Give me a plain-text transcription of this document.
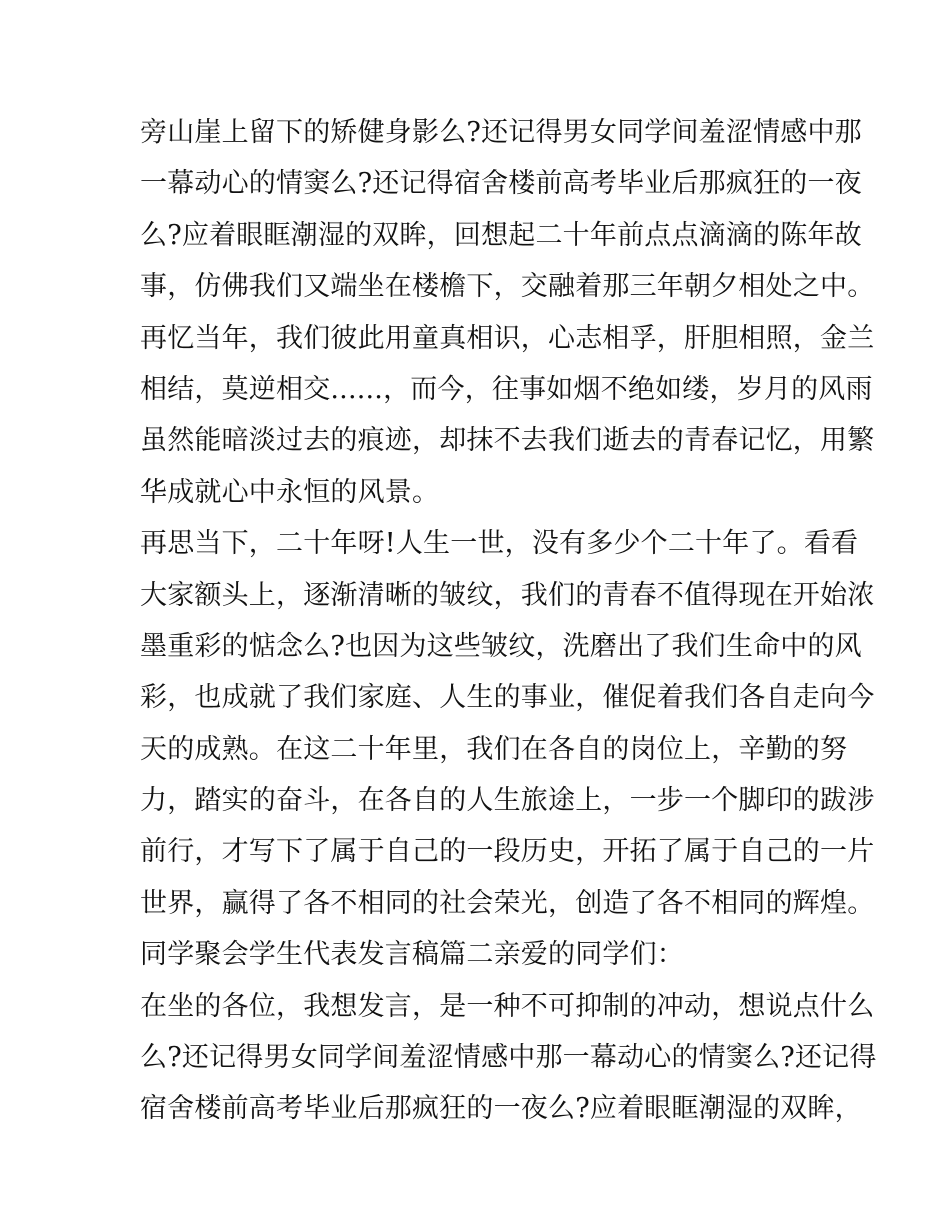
旁山崖上留下的矫健身影么?还记得男女同学间羞涩情感中那
一幕动心的情窦么?还记得宿舍楼前高考毕业后那疯狂的一夜
么?应着眼眶潮湿的双眸，回想起二十年前点点滴滴的陈年故
事，仿佛我们又端坐在楼檐下，交融着那三年朝夕相处之中。
再忆当年，我们彼此用童真相识，心志相孚，肝胆相照，金兰
相结，莫逆相交......，而今，往事如烟不绝如缕，岁月的风雨
虽然能暗淡过去的痕迹，却抹不去我们逝去的青春记忆，用繁
华成就心中永恒的风景。
再思当下，二十年呀!人生一世，没有多少个二十年了。看看
大家额头上，逐渐清晰的皱纹，我们的青春不值得现在开始浓
墨重彩的惦念么?也因为这些皱纹，洗磨出了我们生命中的风
彩，也成就了我们家庭、人生的事业，催促着我们各自走向今
天的成熟。在这二十年里，我们在各自的岗位上，辛勤的努
力，踏实的奋斗，在各自的人生旅途上，一步一个脚印的跋涉
前行，才写下了属于自己的一段历史，开拓了属于自己的一片
世界，赢得了各不相同的社会荣光，创造了各不相同的辉煌。
同学聚会学生代表发言稿篇二亲爱的同学们：
在坐的各位，我想发言，是一种不可抑制的冲动，想说点什么
么?还记得男女同学间羞涩情感中那一幕动心的情窦么?还记得
宿舍楼前高考毕业后那疯狂的一夜么?应着眼眶潮湿的双眸，
